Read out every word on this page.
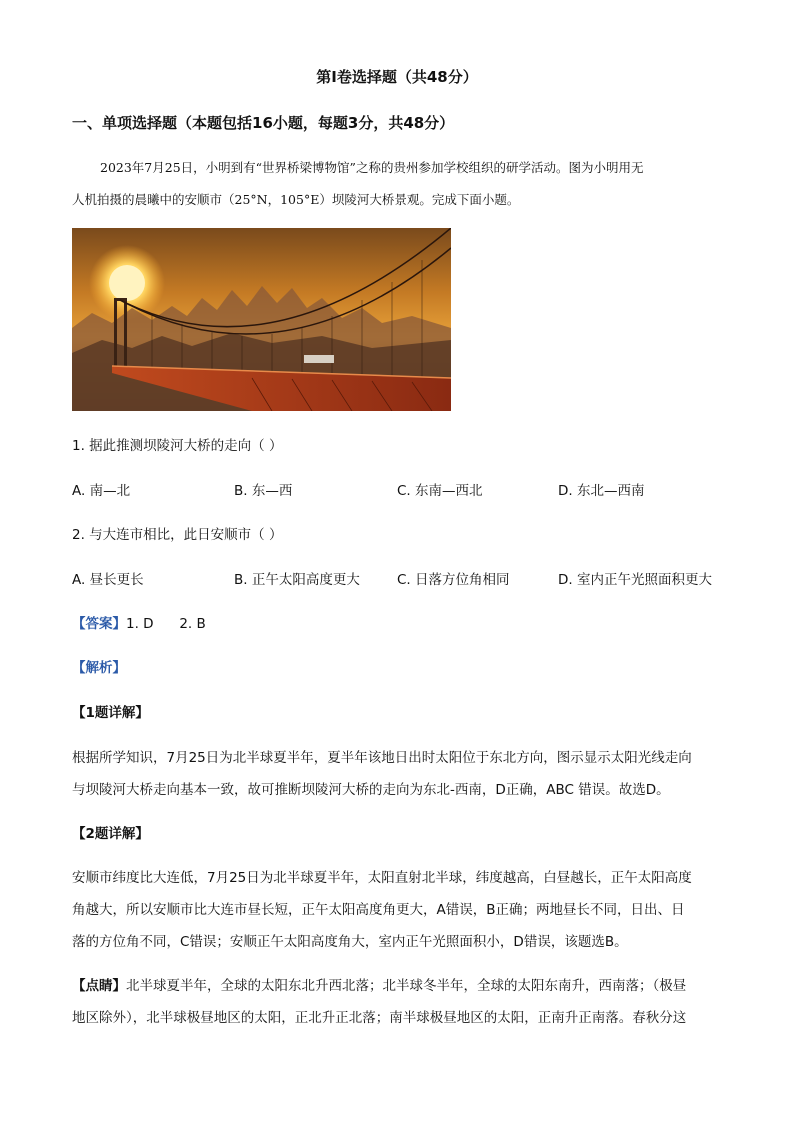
第Ⅰ卷选择题（共48分）
一、单项选择题（本题包括16小题，每题3分，共48分）
2023年7月25日，小明到有“世界桥梁博物馆”之称的贵州参加学校组织的研学活动。图为小明用无
人机拍摄的晨曦中的安顺市（25°N，105°E）坝陵河大桥景观。完成下面小题。
1. 据此推测坝陵河大桥的走向（ ）
A. 南—北	B. 东—西	C. 东南—西北	D. 东北—西南
2. 与大连市相比，此日安顺市（ ）
A. 昼长更长	B. 正午太阳高度更大	C. 日落方位角相同	D. 室内正午光照面积更大
【答案】1. D      2. B
【解析】
【1题详解】
根据所学知识，7月25日为北半球夏半年，夏半年该地日出时太阳位于东北方向，图示显示太阳光线走向
与坝陵河大桥走向基本一致，故可推断坝陵河大桥的走向为东北-西南，D正确，ABC 错误。故选D。
【2题详解】
安顺市纬度比大连低，7月25日为北半球夏半年，太阳直射北半球，纬度越高，白昼越长，正午太阳高度
角越大，所以安顺市比大连市昼长短，正午太阳高度角更大，A错误，B正确；两地昼长不同，日出、日
落的方位角不同，C错误；安顺正午太阳高度角大，室内正午光照面积小，D错误，该题选B。
【点睛】北半球夏半年，全球的太阳东北升西北落；北半球冬半年，全球的太阳东南升，西南落；（极昼
地区除外），北半球极昼地区的太阳，正北升正北落；南半球极昼地区的太阳，正南升正南落。春秋分这
